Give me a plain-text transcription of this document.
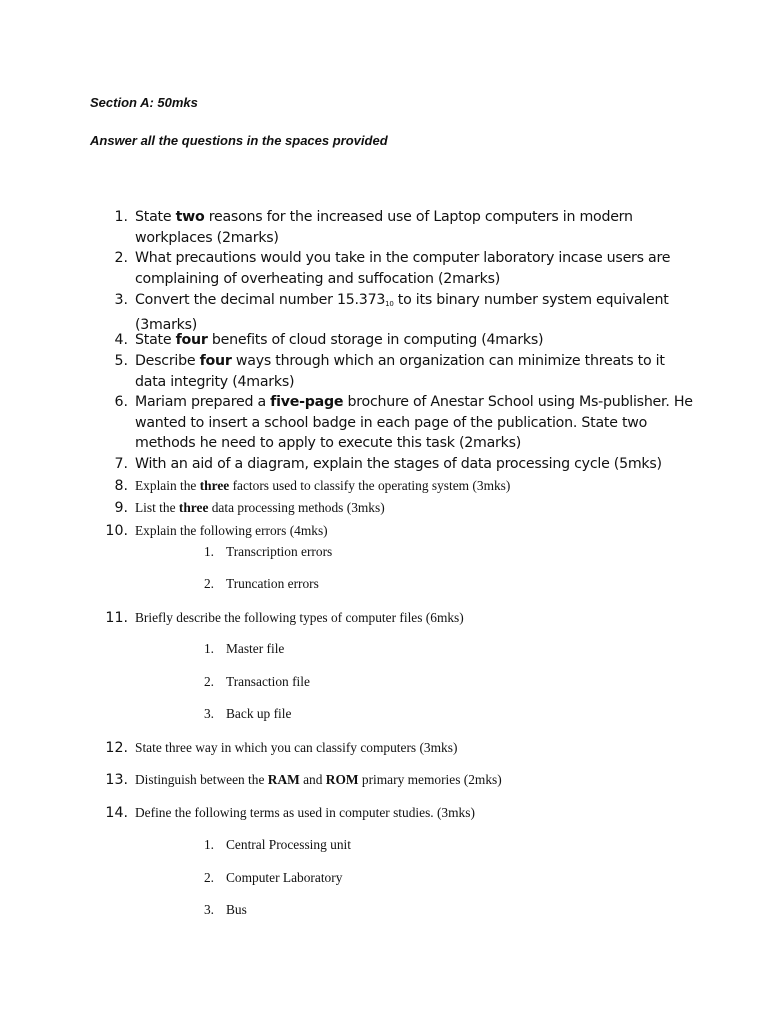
Section A: 50mks
Answer all the questions in the spaces provided
1. State two reasons for the increased use of Laptop computers in modern workplaces (2marks)
2. What precautions would you take in the computer laboratory incase users are complaining of overheating and suffocation (2marks)
3. Convert the decimal number $15.373_{10}$ to its binary number system equivalent (3marks)
4. State four benefits of cloud storage in computing (4marks)
5. Describe four ways through which an organization can minimize threats to it data integrity (4marks)
6. Mariam prepared a five-page brochure of Anestar School using Ms-publisher. He wanted to insert a school badge in each page of the publication. State two methods he need to apply to execute this task (2marks)
7. With an aid of a diagram, explain the stages of data processing cycle (5mks)
8. Explain the three factors used to classify the operating system (3mks)
9. List the three data processing methods (3mks)
10. Explain the following errors (4mks)
1. Transcription errors
2. Truncation errors
11. Briefly describe the following types of computer files (6mks)
1. Master file
2. Transaction file
3. Back up file
12. State three way in which you can classify computers (3mks)
13. Distinguish between the RAM and ROM primary memories (2mks)
14. Define the following terms as used in computer studies. (3mks)
1. Central Processing unit
2. Computer Laboratory
3. Bus
